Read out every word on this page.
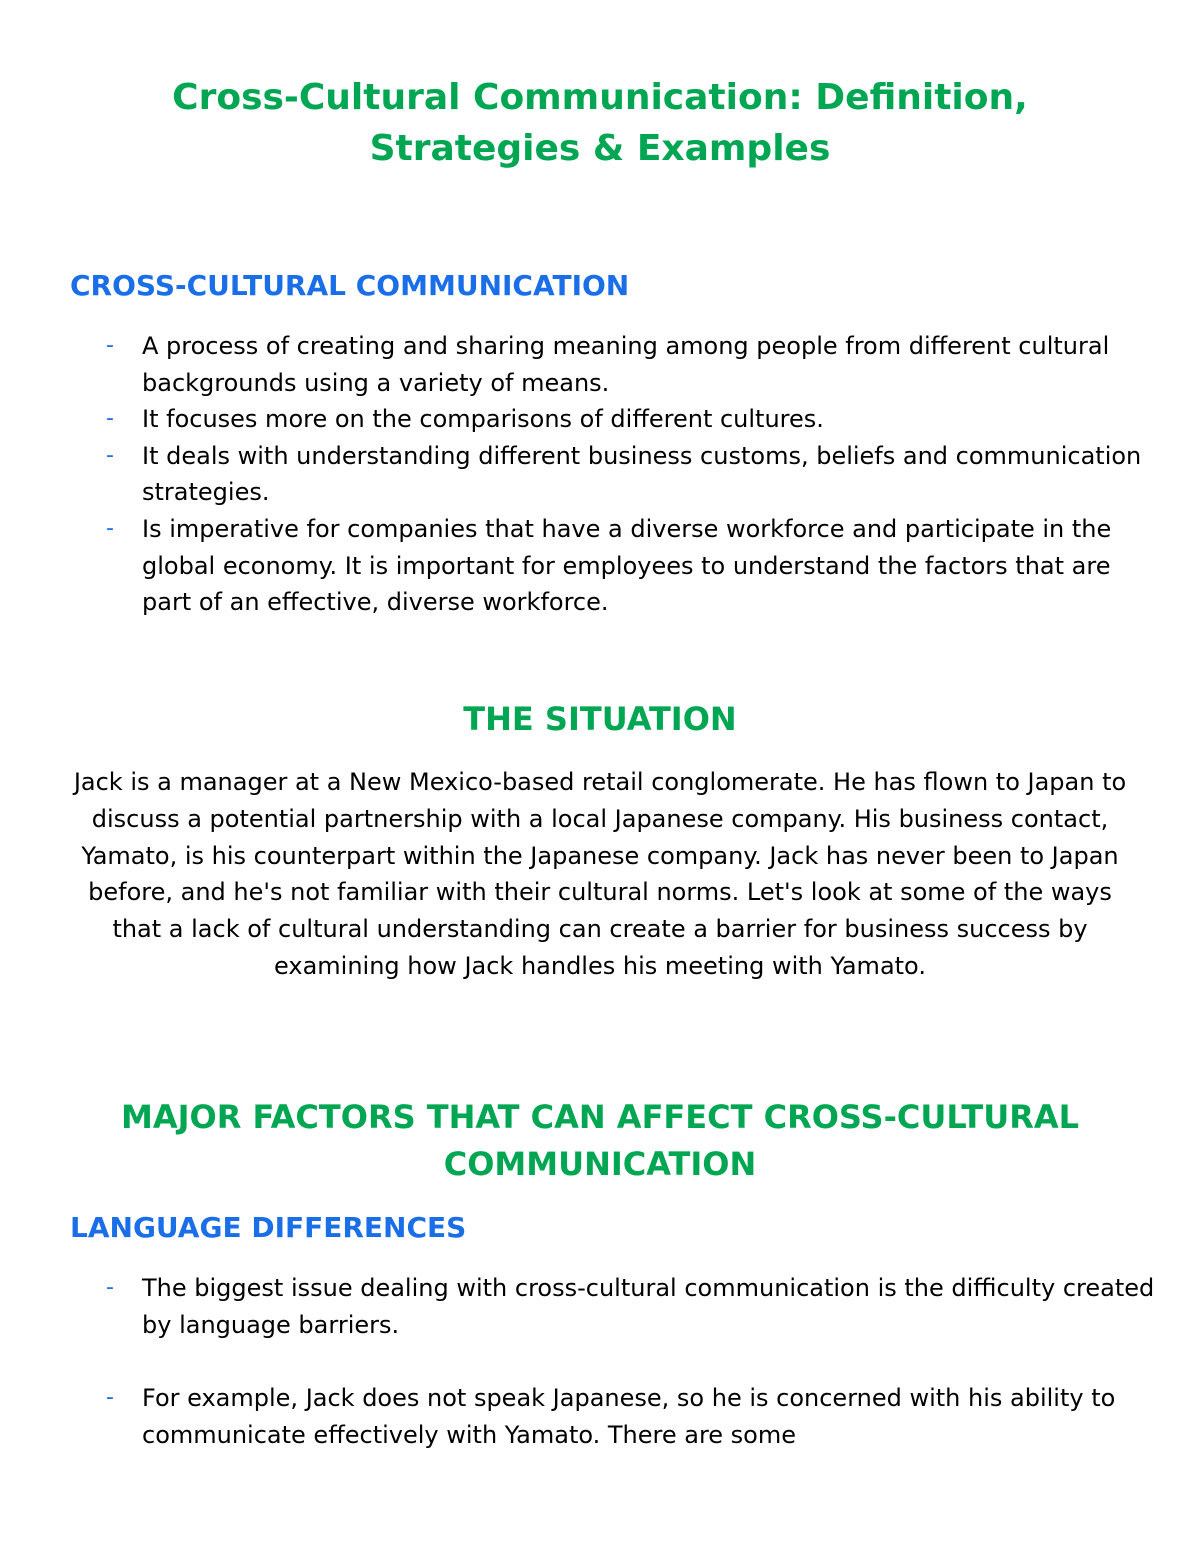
Cross-Cultural Communication: Definition,
Strategies & Examples
CROSS-CULTURAL COMMUNICATION
- A process of creating and sharing meaning among people from different cultural backgrounds using a variety of means.
- It focuses more on the comparisons of different cultures.
- It deals with understanding different business customs, beliefs and communication strategies.
- Is imperative for companies that have a diverse workforce and participate in the global economy. It is important for employees to understand the factors that are part of an effective, diverse workforce.
THE SITUATION

Jack is a manager at a New Mexico-based retail conglomerate. He has flown to Japan to discuss a potential partnership with a local Japanese company. His business contact, Yamato, is his counterpart within the Japanese company. Jack has never been to Japan before, and he's not familiar with their cultural norms. Let's look at some of the ways that a lack of cultural understanding can create a barrier for business success by examining how Jack handles his meeting with Yamato.

MAJOR FACTORS THAT CAN AFFECT CROSS-CULTURAL
COMMUNICATION
LANGUAGE DIFFERENCES
- The biggest issue dealing with cross-cultural communication is the difficulty created by language barriers.
- For example, Jack does not speak Japanese, so he is concerned with his ability to communicate effectively with Yamato. There are some
